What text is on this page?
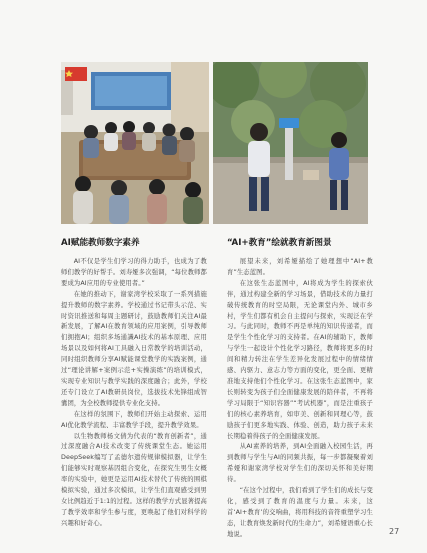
AI赋能教师数字素养

AI不仅是学生们学习的得力助手，也成为了教师们教学的好帮手。刘寿娅多次强调，“每位教师都要成为AI应用的专业使用者。”

在她的推动下，谢家湾学校采取了一系列措施提升教师的数字素养。学校通过书记带头示范、实时资讯推送和每周主题研讨，鼓励教师们关注AI最新发展，了解AI在教育领域的应用案例，引导教师们拥抱AI；组织多场通識AI技术的基本原理、应用场景以及如何将AI工具融入日常教学的培训活动，同时组织教师分享AI赋能课堂教学的实践案例，通过“理论讲解+案例示范+实操演练”的培训模式，实现专业知识与教学实践的深度融合；此外，学校还专门设立了AI教研员岗位，选拔技术先锋组成智囊团，为全校教师提供专业化支持。

在这样的氛围下，教师们开始主动探索、运用AI优化教学流程、丰富教学手段，提升教学效果。

以生物教师杨文倩为代表的“教育创新者”，通过深度融合AI技术改变了传统课堂生态。她运用DeepSeek编写了孟德尔遗传规律模拟器，让学生们能够实时观察基因组合变化，在探究生男生女概率的实验中，她更是运用AI技术替代了传统的围棋模拟实验，通过多次模拟，让学生们直观感受到男女比例趋近于1:1的过程。这样的教学方式显著提高了教学效率和学生参与度，更唤起了他们对科学的兴趣和好奇心。

“AI+教育”绘就教育新图景

展望未来，刘希娅描绘了她理想中“AI+教育”生态蓝图。

在这张生态蓝图中，AI将成为学生的探索伙伴，通过构建全新的学习场景，借助技术的力量打破传统教育的时空局限，无论课堂内外、城市乡村，学生们都有机会自主提问与探索，实现泛在学习。与此同时，教师不再是单纯的知识传递者，而是学生个性化学习的支持者。在AI的辅助下，教师与学生一起设计个性化学习路径，教师将更多的时间和精力转注在学生差异化发展过程中的情绪情感、内驱力、意志力等方面的变化，更全面、更精准地支持他们个性化学习。在这张生态蓝图中，家长则转变为孩子们全面健康发展的陪伴者，不再将学习局限于“知识容器”“考试机器”，而是注重孩子们的核心素养培育，如审美、创新和同理心等，鼓励孩子们更多地实践、体验、创造，助力孩子未来长期稳着得孩子的全面健康发展。

从AI素养的培养，到AI全面融入校园生活，再到教师与学生与AI的同频共振，每一步都凝聚着刘希娅和谢家湾学校对学生们的深切关怀和美好期待。

“在这个过程中，我们看到了学生们的成长与变化，感受到了教育的温度与力量。未来，这首‘AI+教育’的交响曲，将用科技的音符重塑学习生态，让教育焕发新时代的生命力”，刘希娅语重心长地说。	27
